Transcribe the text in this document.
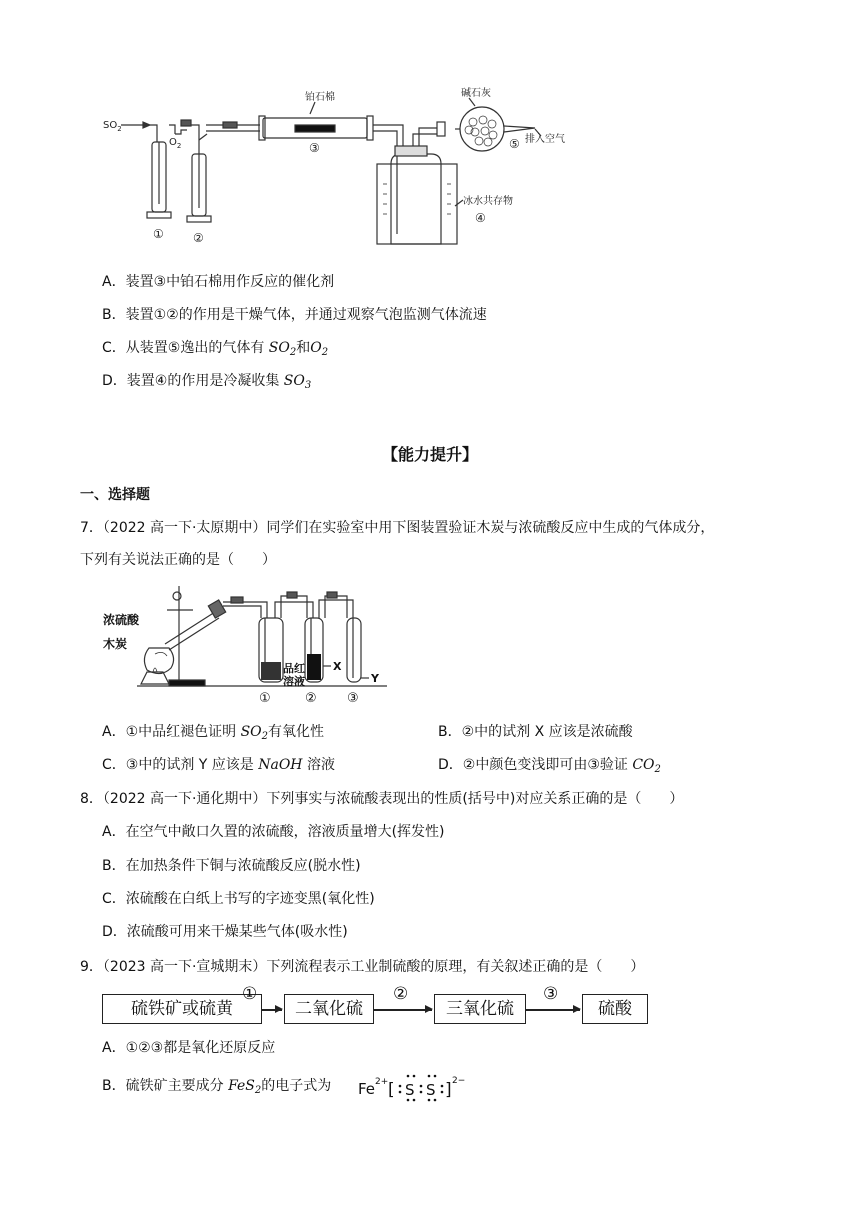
$SO_2$
$O_2$
铂石棉	碱石灰
排入空气
冰水共存物
① ②
③
④
⑤
A．装置③中铂石棉用作反应的催化剂
B．装置①②的作用是干燥气体，并通过观察气泡监测气体流速
C．从装置⑤逸出的气体有 $SO_2$和$O_2$
D．装置④的作用是冷凝收集 $SO_3$
【能力提升】
一、选择题
7．（2022 高一下·太原期中）同学们在实验室中用下图装置验证木炭与浓硫酸反应中生成的气体成分，
下列有关说法正确的是（　　）
浓硫酸
木炭
品红
溶液
X
Y
①	② ③
A．①中品红褪色证明 $SO_2$有氧化性	B．②中的试剂 X 应该是浓硫酸
C．③中的试剂 Y 应该是 NaOH 溶液	D．②中颜色变浅即可由③验证 $CO_2$
8．（2022 高一下·通化期中）下列事实与浓硫酸表现出的性质(括号中)对应关系正确的是（　　）
A．在空气中敞口久置的浓硫酸，溶液质量增大(挥发性)
B．在加热条件下铜与浓硫酸反应(脱水性)
C．浓硫酸在白纸上书写的字迹变黑(氧化性)
D．浓硫酸可用来干燥某些气体(吸水性)
9．（2023 高一下·宣城期末）下列流程表示工业制硫酸的原理，有关叙述正确的是（　　）
硫铁矿或硫黄
①
二氧化硫
②
三氧化硫
③
硫酸
A．①②③都是氧化还原反应
B．硫铁矿主要成分 FeS$_2$的电子式为 Fe 2+ [ S S ] 2−
